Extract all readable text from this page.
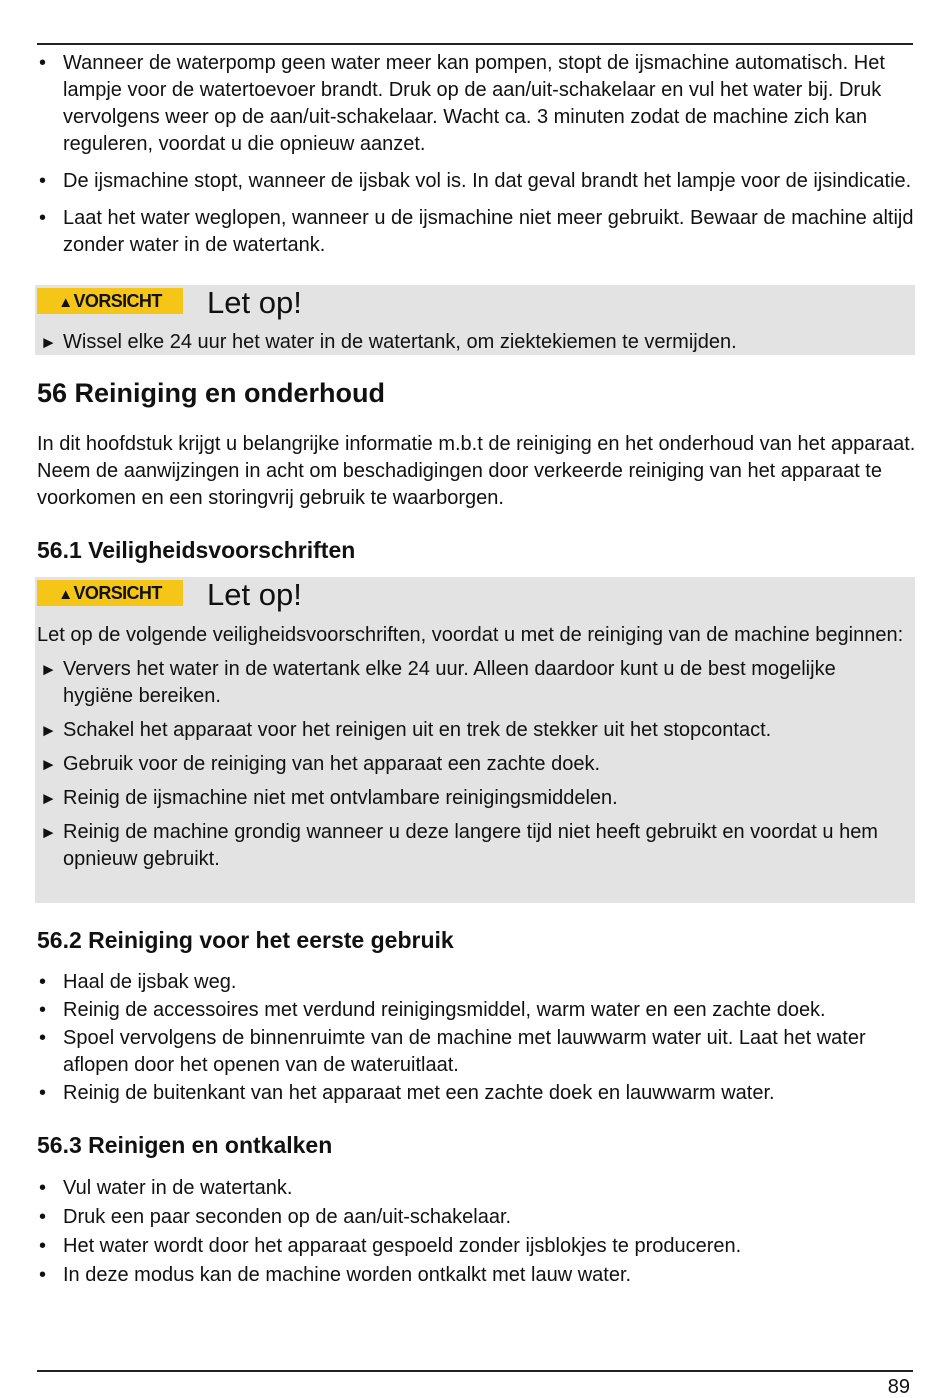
• Wanneer de waterpomp geen water meer kan pompen, stopt de ijsmachine automatisch. Het lampje voor de watertoevoer brandt. Druk op de aan/uit-schakelaar en vul het water bij. Druk vervolgens weer op de aan/uit-schakelaar. Wacht ca. 3 minuten zodat de machine zich kan reguleren, voordat u die opnieuw aanzet.
• De ijsmachine stopt, wanneer de ijsbak vol is. In dat geval brandt het lampje voor de ijsindicatie.
• Laat het water weglopen, wanneer u de ijsmachine niet meer gebruikt. Bewaar de machine altijd zonder water in de watertank.
▲VORSICHT	Let op!
► Wissel elke 24 uur het water in de watertank, om ziektekiemen te vermijden.
56 Reiniging en onderhoud

In dit hoofdstuk krijgt u belangrijke informatie m.b.t de reiniging en het onderhoud van het apparaat. Neem de aanwijzingen in acht om beschadigingen door verkeerde reiniging van het apparaat te voorkomen en een storingvrij gebruik te waarborgen.

56.1 Veiligheidsvoorschriften
▲VORSICHT	Let op!
Let op de volgende veiligheidsvoorschriften, voordat u met de reiniging van de machine beginnen:
► Ververs het water in de watertank elke 24 uur. Alleen daardoor kunt u de best mogelijke hygiëne bereiken.
► Schakel het apparaat voor het reinigen uit en trek de stekker uit het stopcontact.
► Gebruik voor de reiniging van het apparaat een zachte doek.
► Reinig de ijsmachine niet met ontvlambare reinigingsmiddelen.
► Reinig de machine grondig wanneer u deze langere tijd niet heeft gebruikt en voordat u hem opnieuw gebruikt.
56.2 Reiniging voor het eerste gebruik
• Haal de ijsbak weg.
• Reinig de accessoires met verdund reinigingsmiddel, warm water en een zachte doek.
• Spoel vervolgens de binnenruimte van de machine met lauwwarm water uit. Laat het water aflopen door het openen van de wateruitlaat.
• Reinig de buitenkant van het apparaat met een zachte doek en lauwwarm water.
56.3 Reinigen en ontkalken
• Vul water in de watertank.
• Druk een paar seconden op de aan/uit-schakelaar.
• Het water wordt door het apparaat gespoeld zonder ijsblokjes te produceren.
• In deze modus kan de machine worden ontkalkt met lauw water.
89
